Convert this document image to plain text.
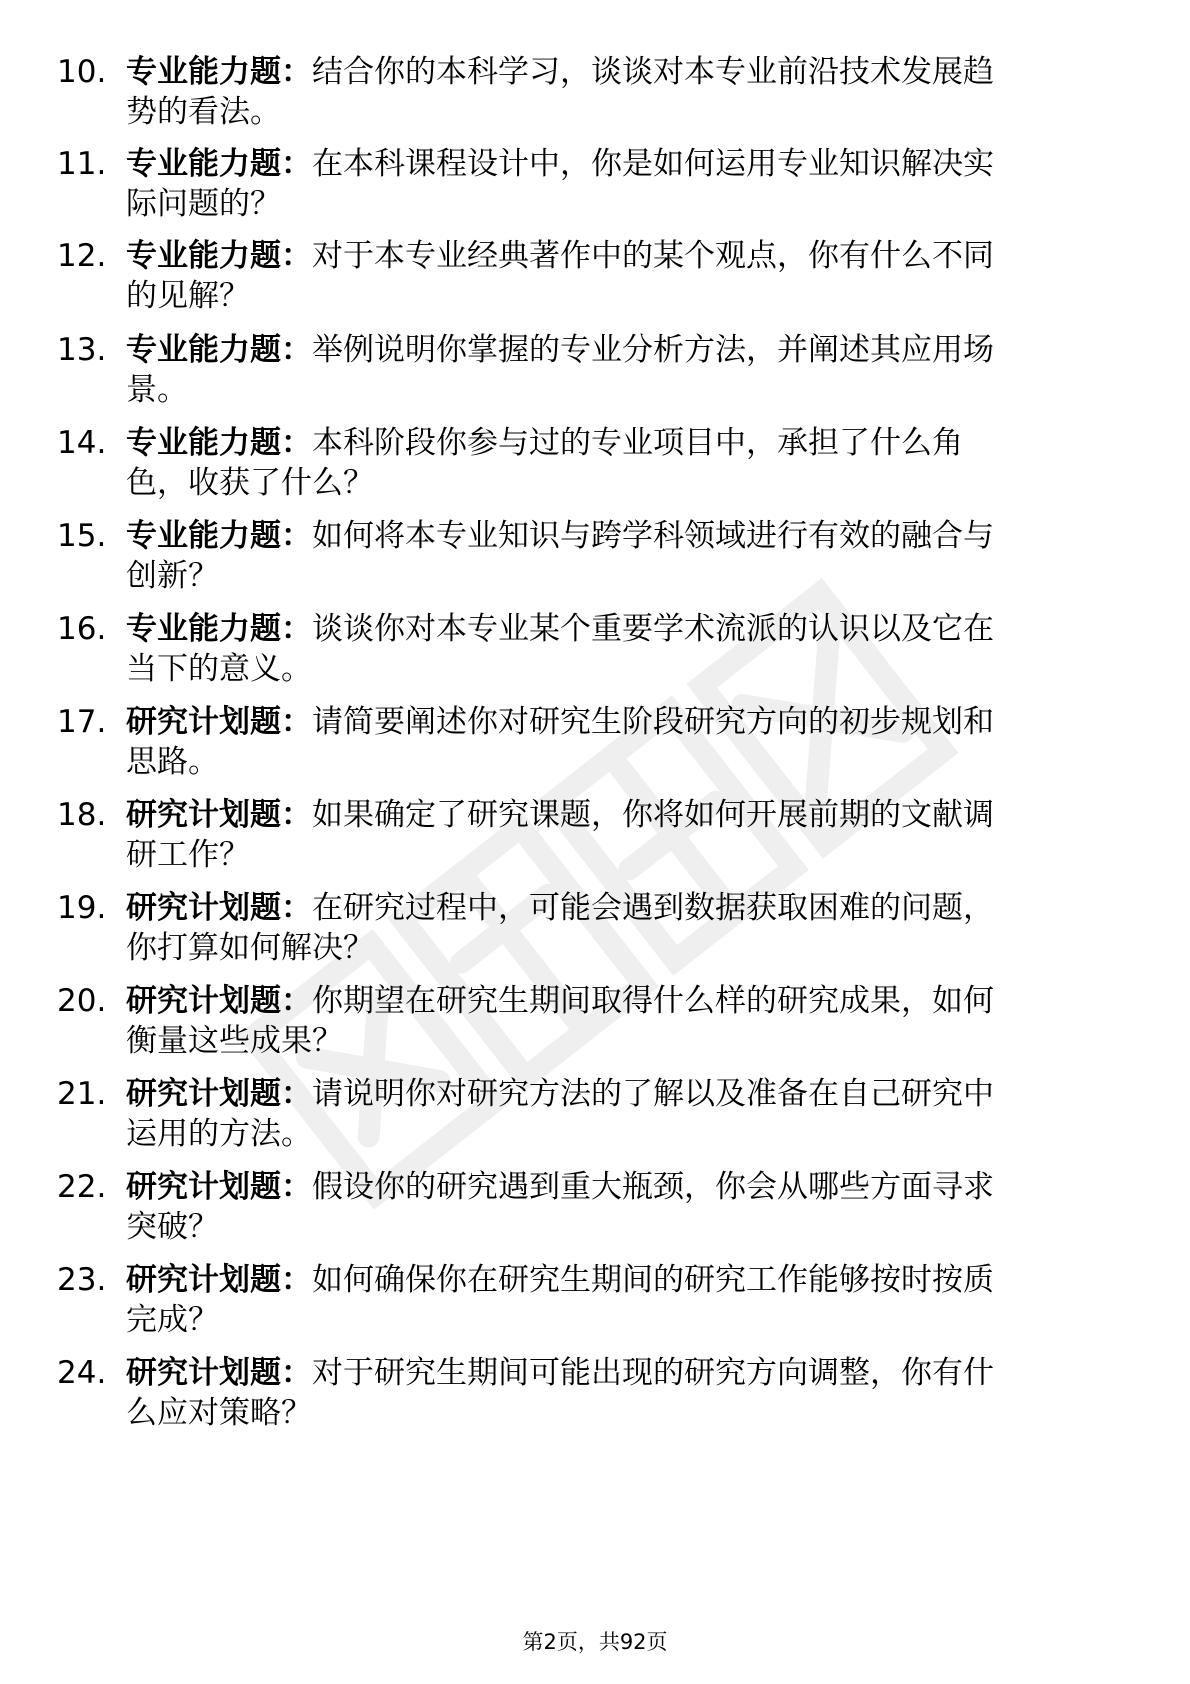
10. 专业能力题：结合你的本科学习，谈谈对本专业前沿技术发展趋
势的看法。
11. 专业能力题：在本科课程设计中，你是如何运用专业知识解决实
际问题的？
12. 专业能力题：对于本专业经典著作中的某个观点，你有什么不同
的见解？
13. 专业能力题：举例说明你掌握的专业分析方法，并阐述其应用场
景。
14. 专业能力题：本科阶段你参与过的专业项目中，承担了什么角
色，收获了什么？
15. 专业能力题：如何将本专业知识与跨学科领域进行有效的融合与
创新？
16. 专业能力题：谈谈你对本专业某个重要学术流派的认识以及它在
当下的意义。
17. 研究计划题：请简要阐述你对研究生阶段研究方向的初步规划和
思路。
18. 研究计划题：如果确定了研究课题，你将如何开展前期的文献调
研工作？
19. 研究计划题：在研究过程中，可能会遇到数据获取困难的问题，
你打算如何解决？
20. 研究计划题：你期望在研究生期间取得什么样的研究成果，如何
衡量这些成果？
21. 研究计划题：请说明你对研究方法的了解以及准备在自己研究中
运用的方法。
22. 研究计划题：假设你的研究遇到重大瓶颈，你会从哪些方面寻求
突破？
23. 研究计划题：如何确保你在研究生期间的研究工作能够按时按质
完成？
24. 研究计划题：对于研究生期间可能出现的研究方向调整，你有什
么应对策略？
第2页，共92页
